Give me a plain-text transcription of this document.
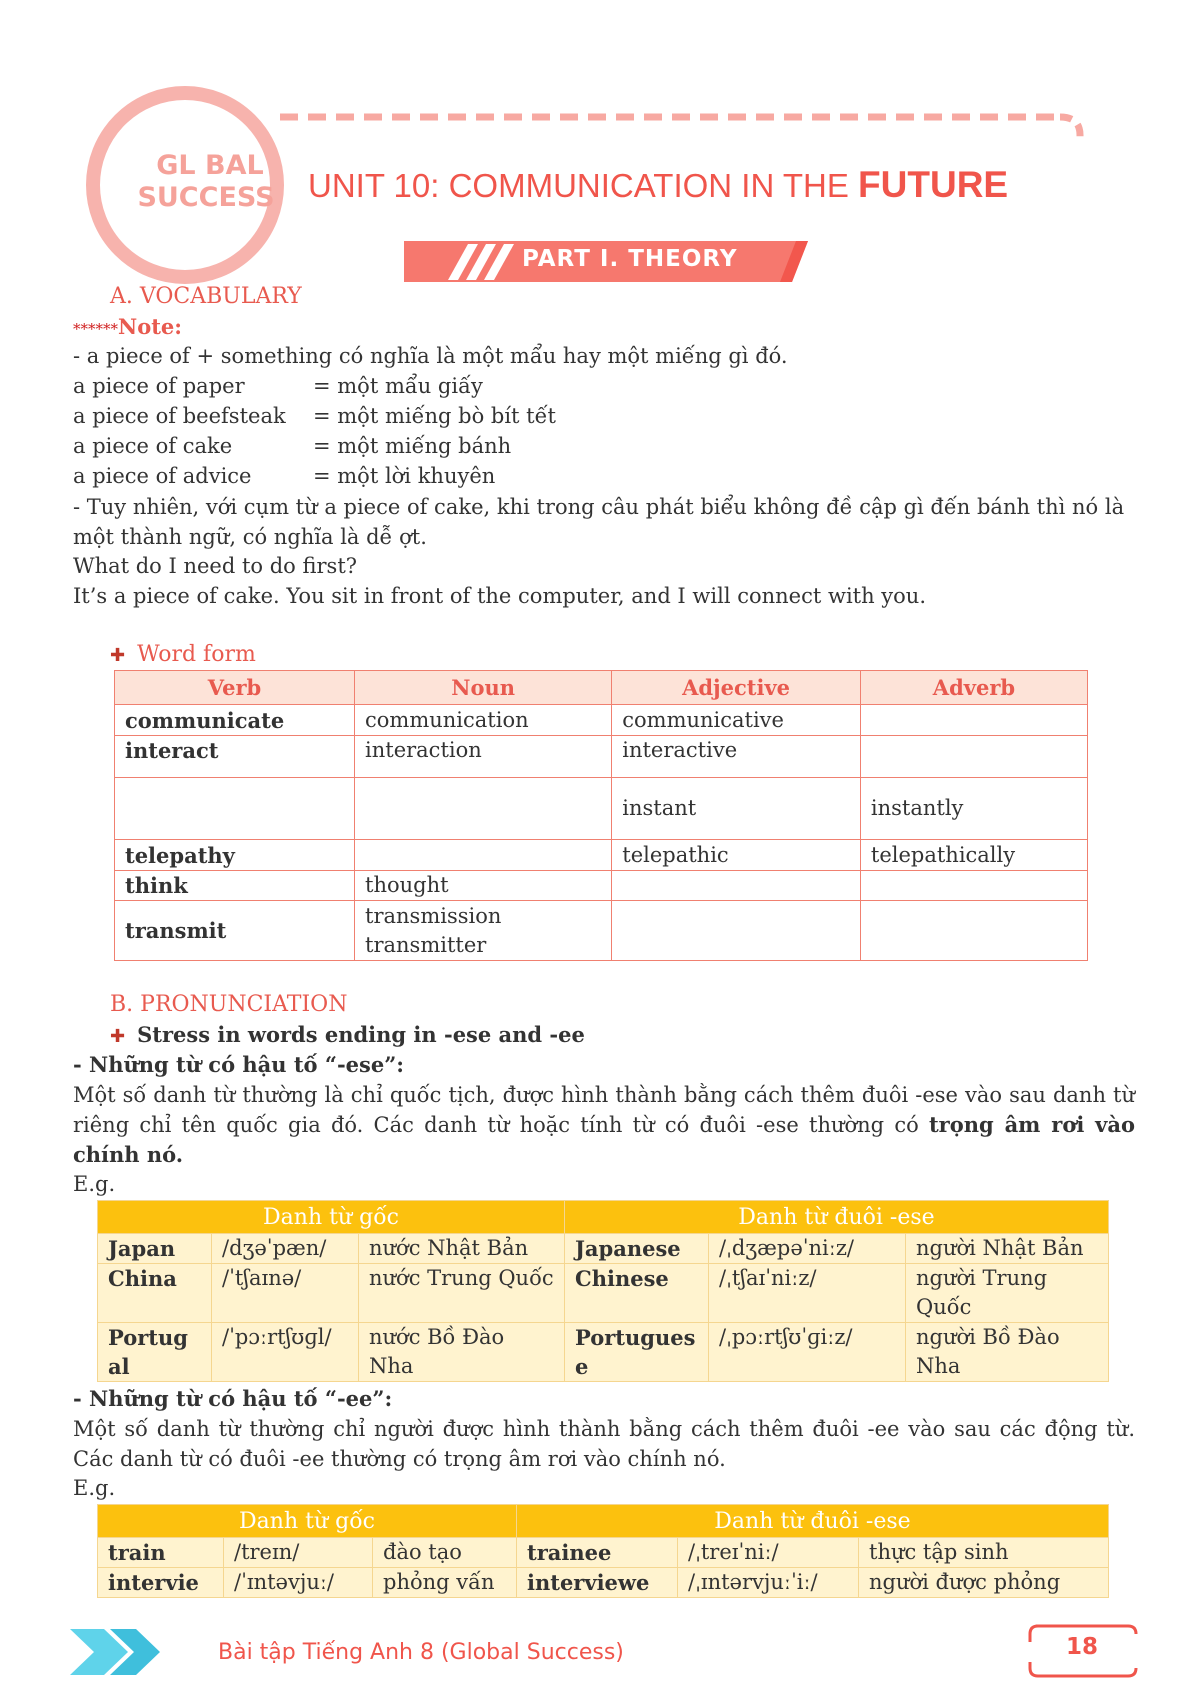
GL BAL
SUCCESS UNIT 10: COMMUNICATION IN THE FUTURE
PART I. THEORY
A. VOCABULARY
******Note:
- a piece of + something có nghĩa là một mẩu hay một miếng gì đó.
a piece of paper	= một mẩu giấy
a piece of beefsteak = một miếng bò bít tết
a piece of cake	= một miếng bánh
a piece of advice	= một lời khuyên
- Tuy nhiên, với cụm từ a piece of cake, khi trong câu phát biểu không đề cập gì đến bánh thì nó là một thành ngữ, có nghĩa là dễ ợt.
What do I need to do first?
It’s a piece of cake. You sit in front of the computer, and I will connect with you.
✚ Word form
Verb	Noun	Adjective	Adverb
communicate	communication	communicative	
interact	interaction	interactive	
		instant	instantly
telepathy		telepathic	telepathically
think	thought		
transmit	transmission
transmitter		

B. PRONUNCIATION
✚ Stress in words ending in -ese and -ee
- Những từ có hậu tố “-ese”:
Một số danh từ thường là chỉ quốc tịch, được hình thành bằng cách thêm đuôi -ese vào sau danh từ riêng chỉ tên quốc gia đó. Các danh từ hoặc tính từ có đuôi -ese thường có trọng âm rơi vào chính nó.
E.g.
Danh từ gốc			Danh từ đuôi -ese		
Japan	/dʒəˈpæn/	nước Nhật Bản	Japanese	/ˌdʒæpəˈniːz/	người Nhật Bản
China	/ˈtʃaɪnə/	nước Trung Quốc	Chinese	/ˌtʃaɪˈniːz/	người Trung Quốc
Portugal	/ˈpɔːrtʃʊɡl/	nước Bồ Đào Nha	Portuguese	/ˌpɔːrtʃʊˈɡiːz/	người Bồ Đào Nha
- Những từ có hậu tố “-ee”:
Một số danh từ thường chỉ người được hình thành bằng cách thêm đuôi -ee vào sau các động từ. Các danh từ có đuôi -ee thường có trọng âm rơi vào chính nó.
E.g.
Danh từ gốc			Danh từ đuôi -ese		
train	/treɪn/	đào tạo	trainee	/ˌtreɪˈniː/	thực tập sinh
intervie	/ˈɪntəvjuː/	phỏng vấn	interviewe	/ˌɪntərvjuːˈiː/	người được phỏng
Bài tập Tiếng Anh 8 (Global Success)	18
